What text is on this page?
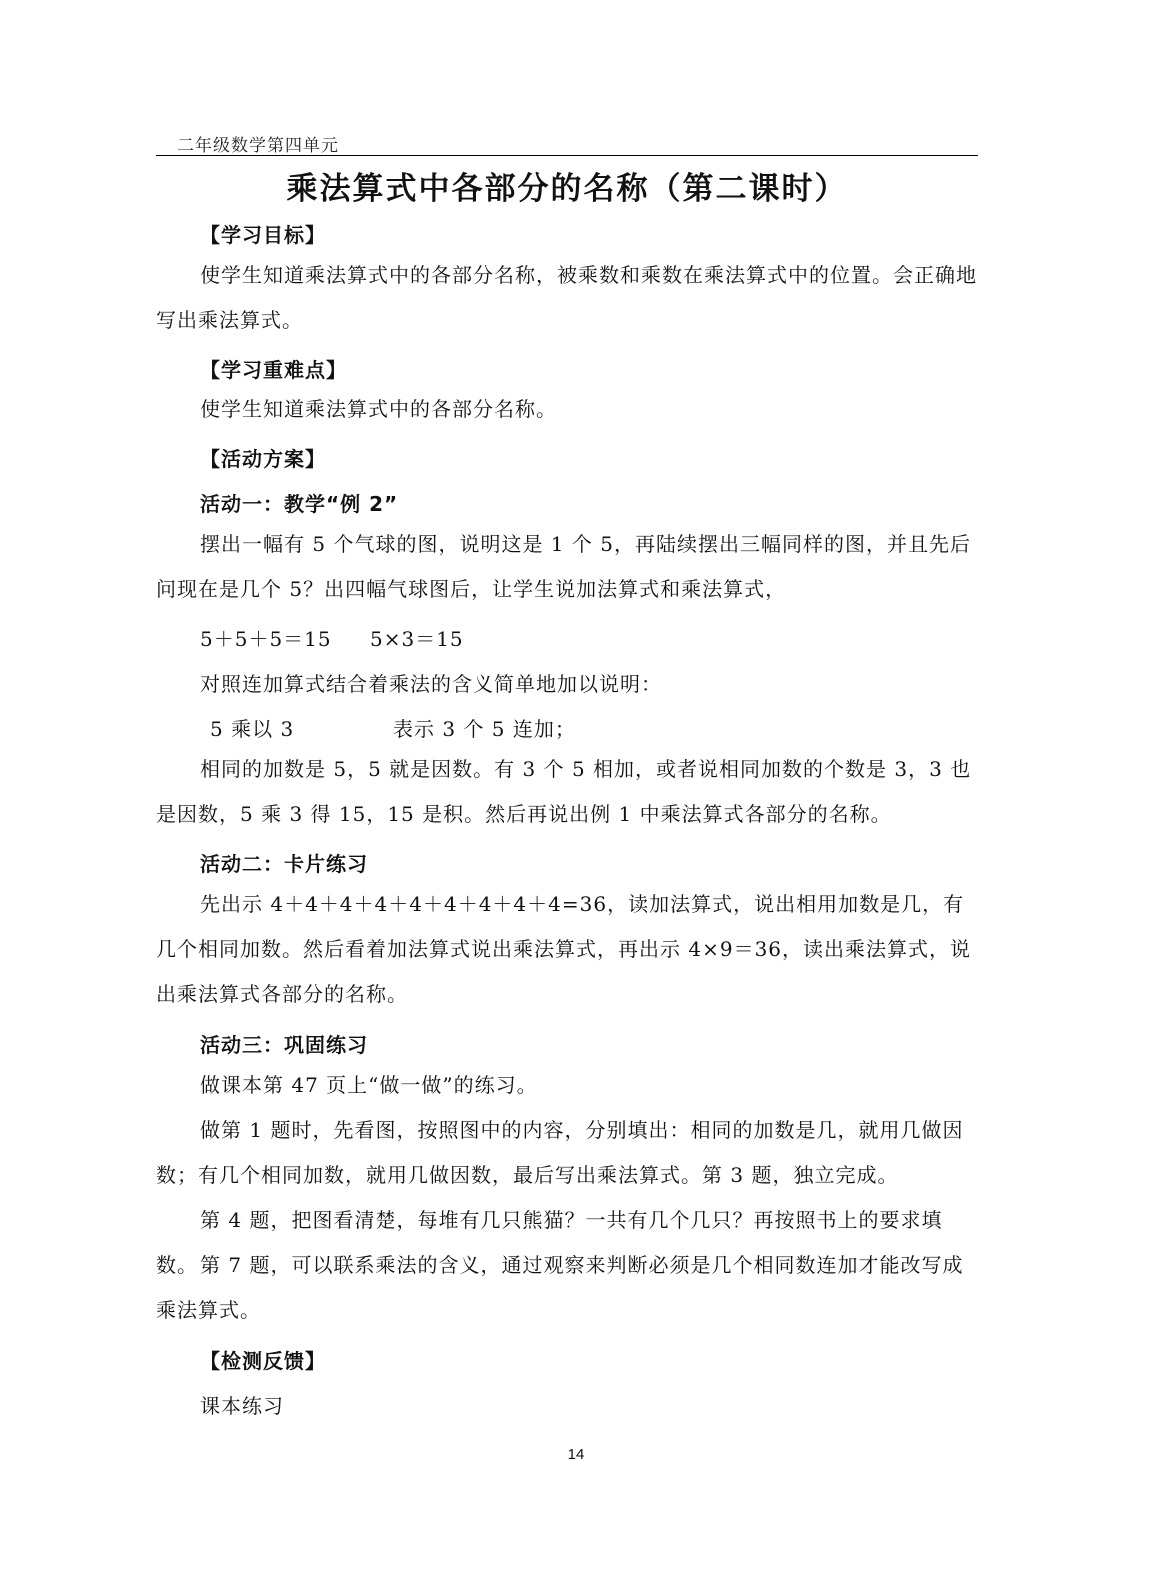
二年级数学第四单元
乘法算式中各部分的名称（第二课时）
【学习目标】
使学生知道乘法算式中的各部分名称，被乘数和乘数在乘法算式中的位置。会正确地写出乘法算式。
【学习重难点】
使学生知道乘法算式中的各部分名称。
【活动方案】
活动一：教学“例 2”
摆出一幅有 5 个气球的图，说明这是 1 个 5，再陆续摆出三幅同样的图，并且先后问现在是几个 5？出四幅气球图后，让学生说加法算式和乘法算式，
5＋5＋5＝15 5×3＝15
对照连加算式结合着乘法的含义简单地加以说明：
5 乘以 3	表示 3 个 5 连加；
相同的加数是 5，5 就是因数。有 3 个 5 相加，或者说相同加数的个数是 3，3 也是因数，5 乘 3 得 15，15 是积。然后再说出例 1 中乘法算式各部分的名称。
活动二：卡片练习
先出示 4＋4＋4＋4＋4＋4＋4＋4＋4=36，读加法算式，说出相用加数是几，有几个相同加数。然后看着加法算式说出乘法算式，再出示 4×9＝36，读出乘法算式，说出乘法算式各部分的名称。
活动三：巩固练习
做课本第 47 页上“做一做”的练习。
做第 1 题时，先看图，按照图中的内容，分别填出：相同的加数是几，就用几做因数；有几个相同加数，就用几做因数，最后写出乘法算式。第 3 题，独立完成。
第 4 题，把图看清楚，每堆有几只熊猫？一共有几个几只？再按照书上的要求填数。 第 7 题，可以联系乘法的含义，通过观察来判断必须是几个相同数连加才能改写成乘法算式。
【检测反馈】
课本练习
14
